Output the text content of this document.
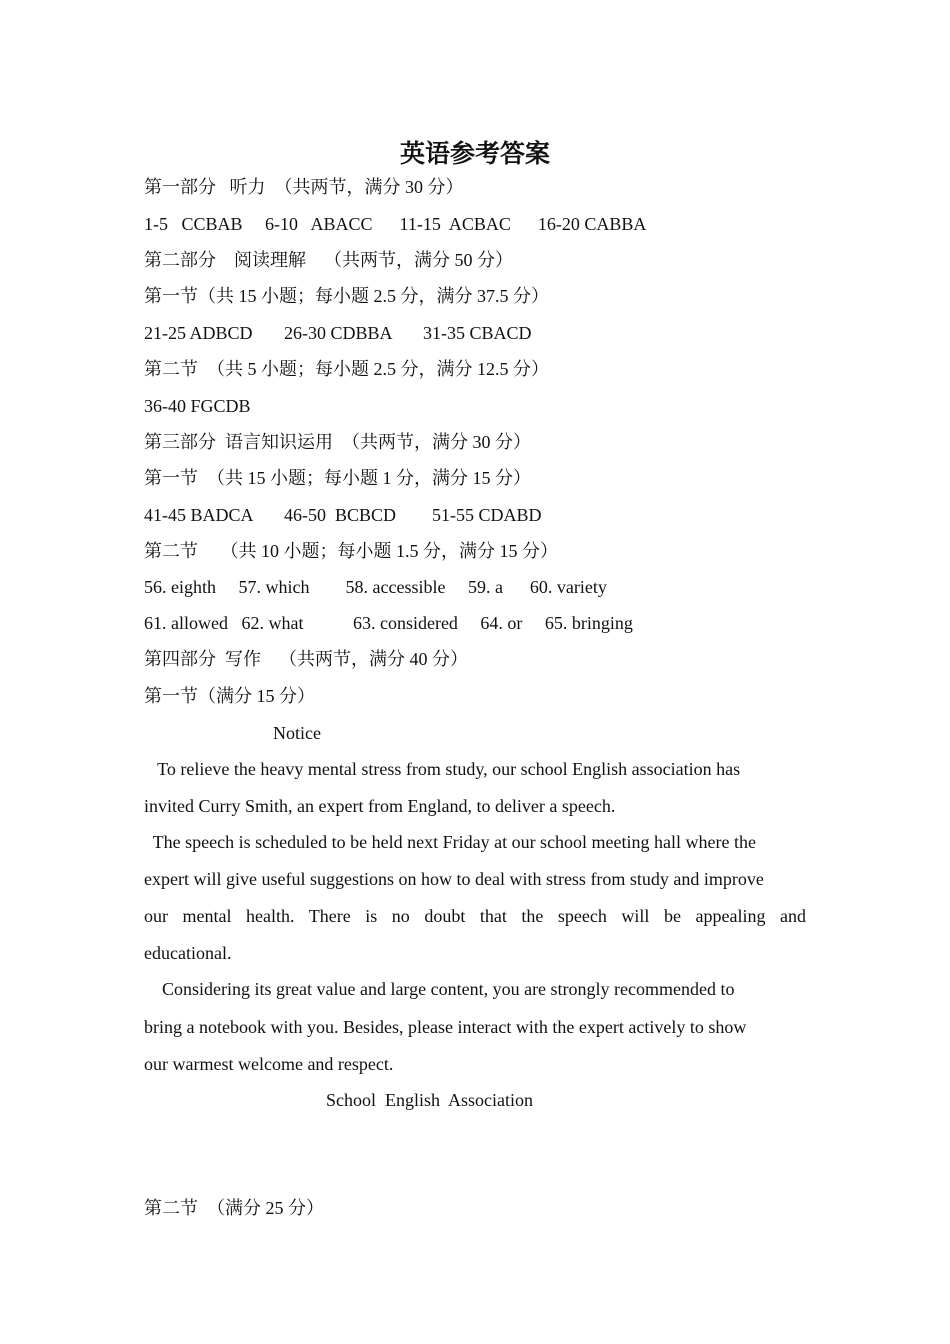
英语参考答案
第一部分   听力  （共两节，满分 30 分）
1-5   CCBAB     6-10   ABACC      11-15  ACBAC      16-20 CABBA
第二部分    阅读理解    （共两节，满分 50 分）
第一节（共 15 小题；每小题 2.5 分，满分 37.5 分）
21-25 ADBCD       26-30 CDBBA       31-35 CBACD
第二节  （共 5 小题；每小题 2.5 分，满分 12.5 分）
36-40 FGCDB
第三部分  语言知识运用  （共两节，满分 30 分）
第一节  （共 15 小题；每小题 1 分，满分 15 分）
41-45 BADCA       46-50  BCBCD        51-55 CDABD
第二节     （共 10 小题；每小题 1.5 分，满分 15 分）
56. eighth     57. which        58. accessible     59. a      60. variety
61. allowed   62. what           63. considered     64. or     65. bringing
第四部分  写作    （共两节，满分 40 分）
第一节（满分 15 分）
Notice
To relieve the heavy mental stress from study, our school English association has
invited Curry Smith, an expert from England, to deliver a speech.
The speech is scheduled to be held next Friday at our school meeting hall where the
expert will give useful suggestions on how to deal with stress from study and improve
our mental health. There is no doubt that the speech will be appealing and
educational.
Considering its great value and large content, you are strongly recommended to
bring a notebook with you. Besides, please interact with the expert actively to show
our warmest welcome and respect.
School  English  Association
第二节  （满分 25 分）
